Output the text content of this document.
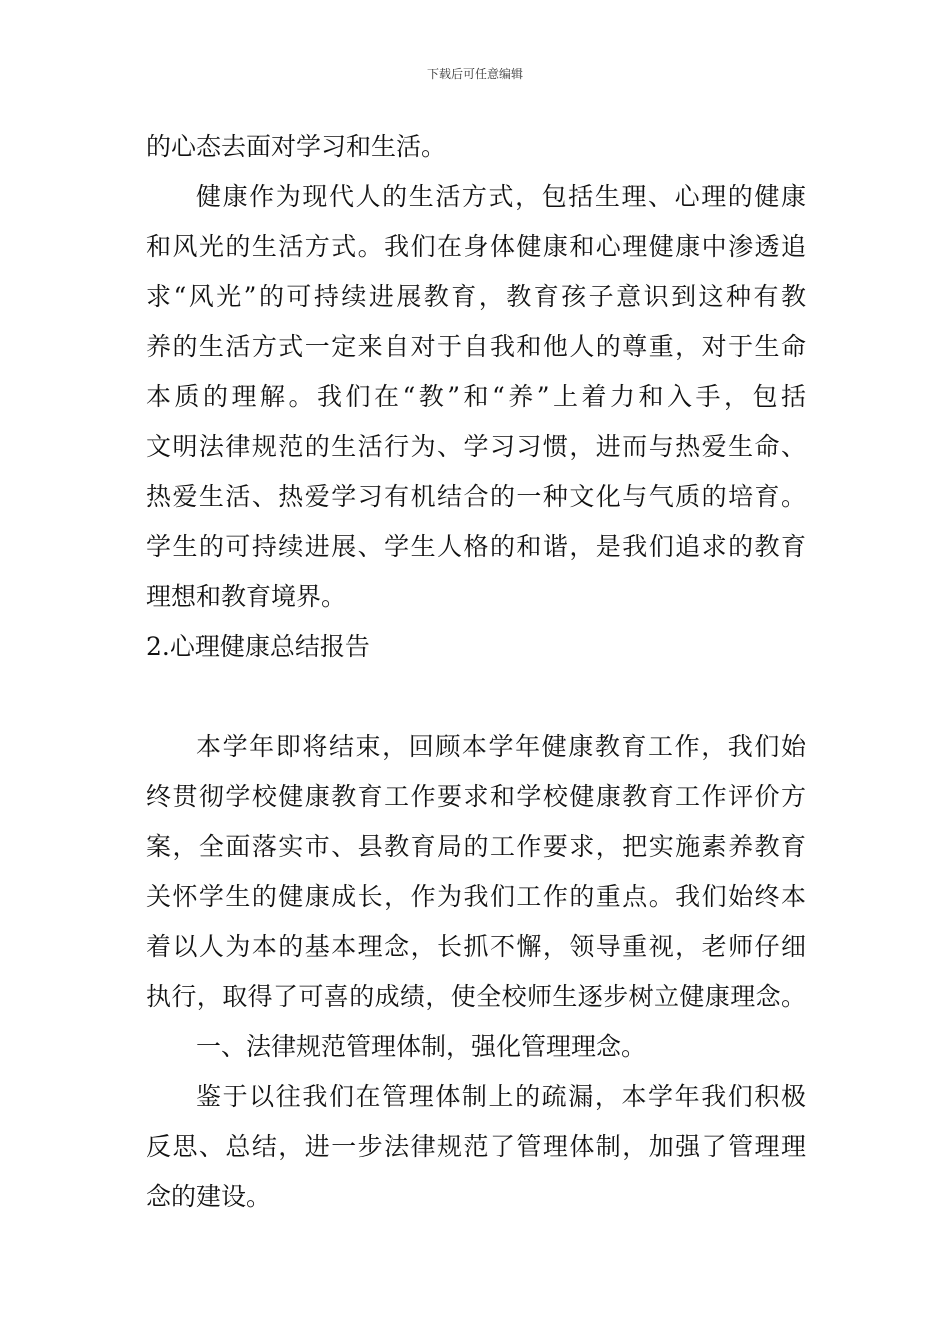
下载后可任意编辑
的心态去面对学习和生活。
健康作为现代人的生活方式，包括生理、心理的健康
和风光的生活方式。我们在身体健康和心理健康中渗透追
求“风光”的可持续进展教育，教育孩子意识到这种有教
养的生活方式一定来自对于自我和他人的尊重，对于生命
本质的理解。我们在“教”和“养”上着力和入手，包括
文明法律规范的生活行为、学习习惯，进而与热爱生命、
热爱生活、热爱学习有机结合的一种文化与气质的培育。
学生的可持续进展、学生人格的和谐，是我们追求的教育
理想和教育境界。
2.心理健康总结报告
本学年即将结束，回顾本学年健康教育工作，我们始
终贯彻学校健康教育工作要求和学校健康教育工作评价方
案，全面落实市、县教育局的工作要求，把实施素养教育
关怀学生的健康成长，作为我们工作的重点。我们始终本
着以人为本的基本理念，长抓不懈，领导重视，老师仔细
执行，取得了可喜的成绩，使全校师生逐步树立健康理念。
一、法律规范管理体制，强化管理理念。
鉴于以往我们在管理体制上的疏漏，本学年我们积极
反思、总结，进一步法律规范了管理体制，加强了管理理
念的建设。
